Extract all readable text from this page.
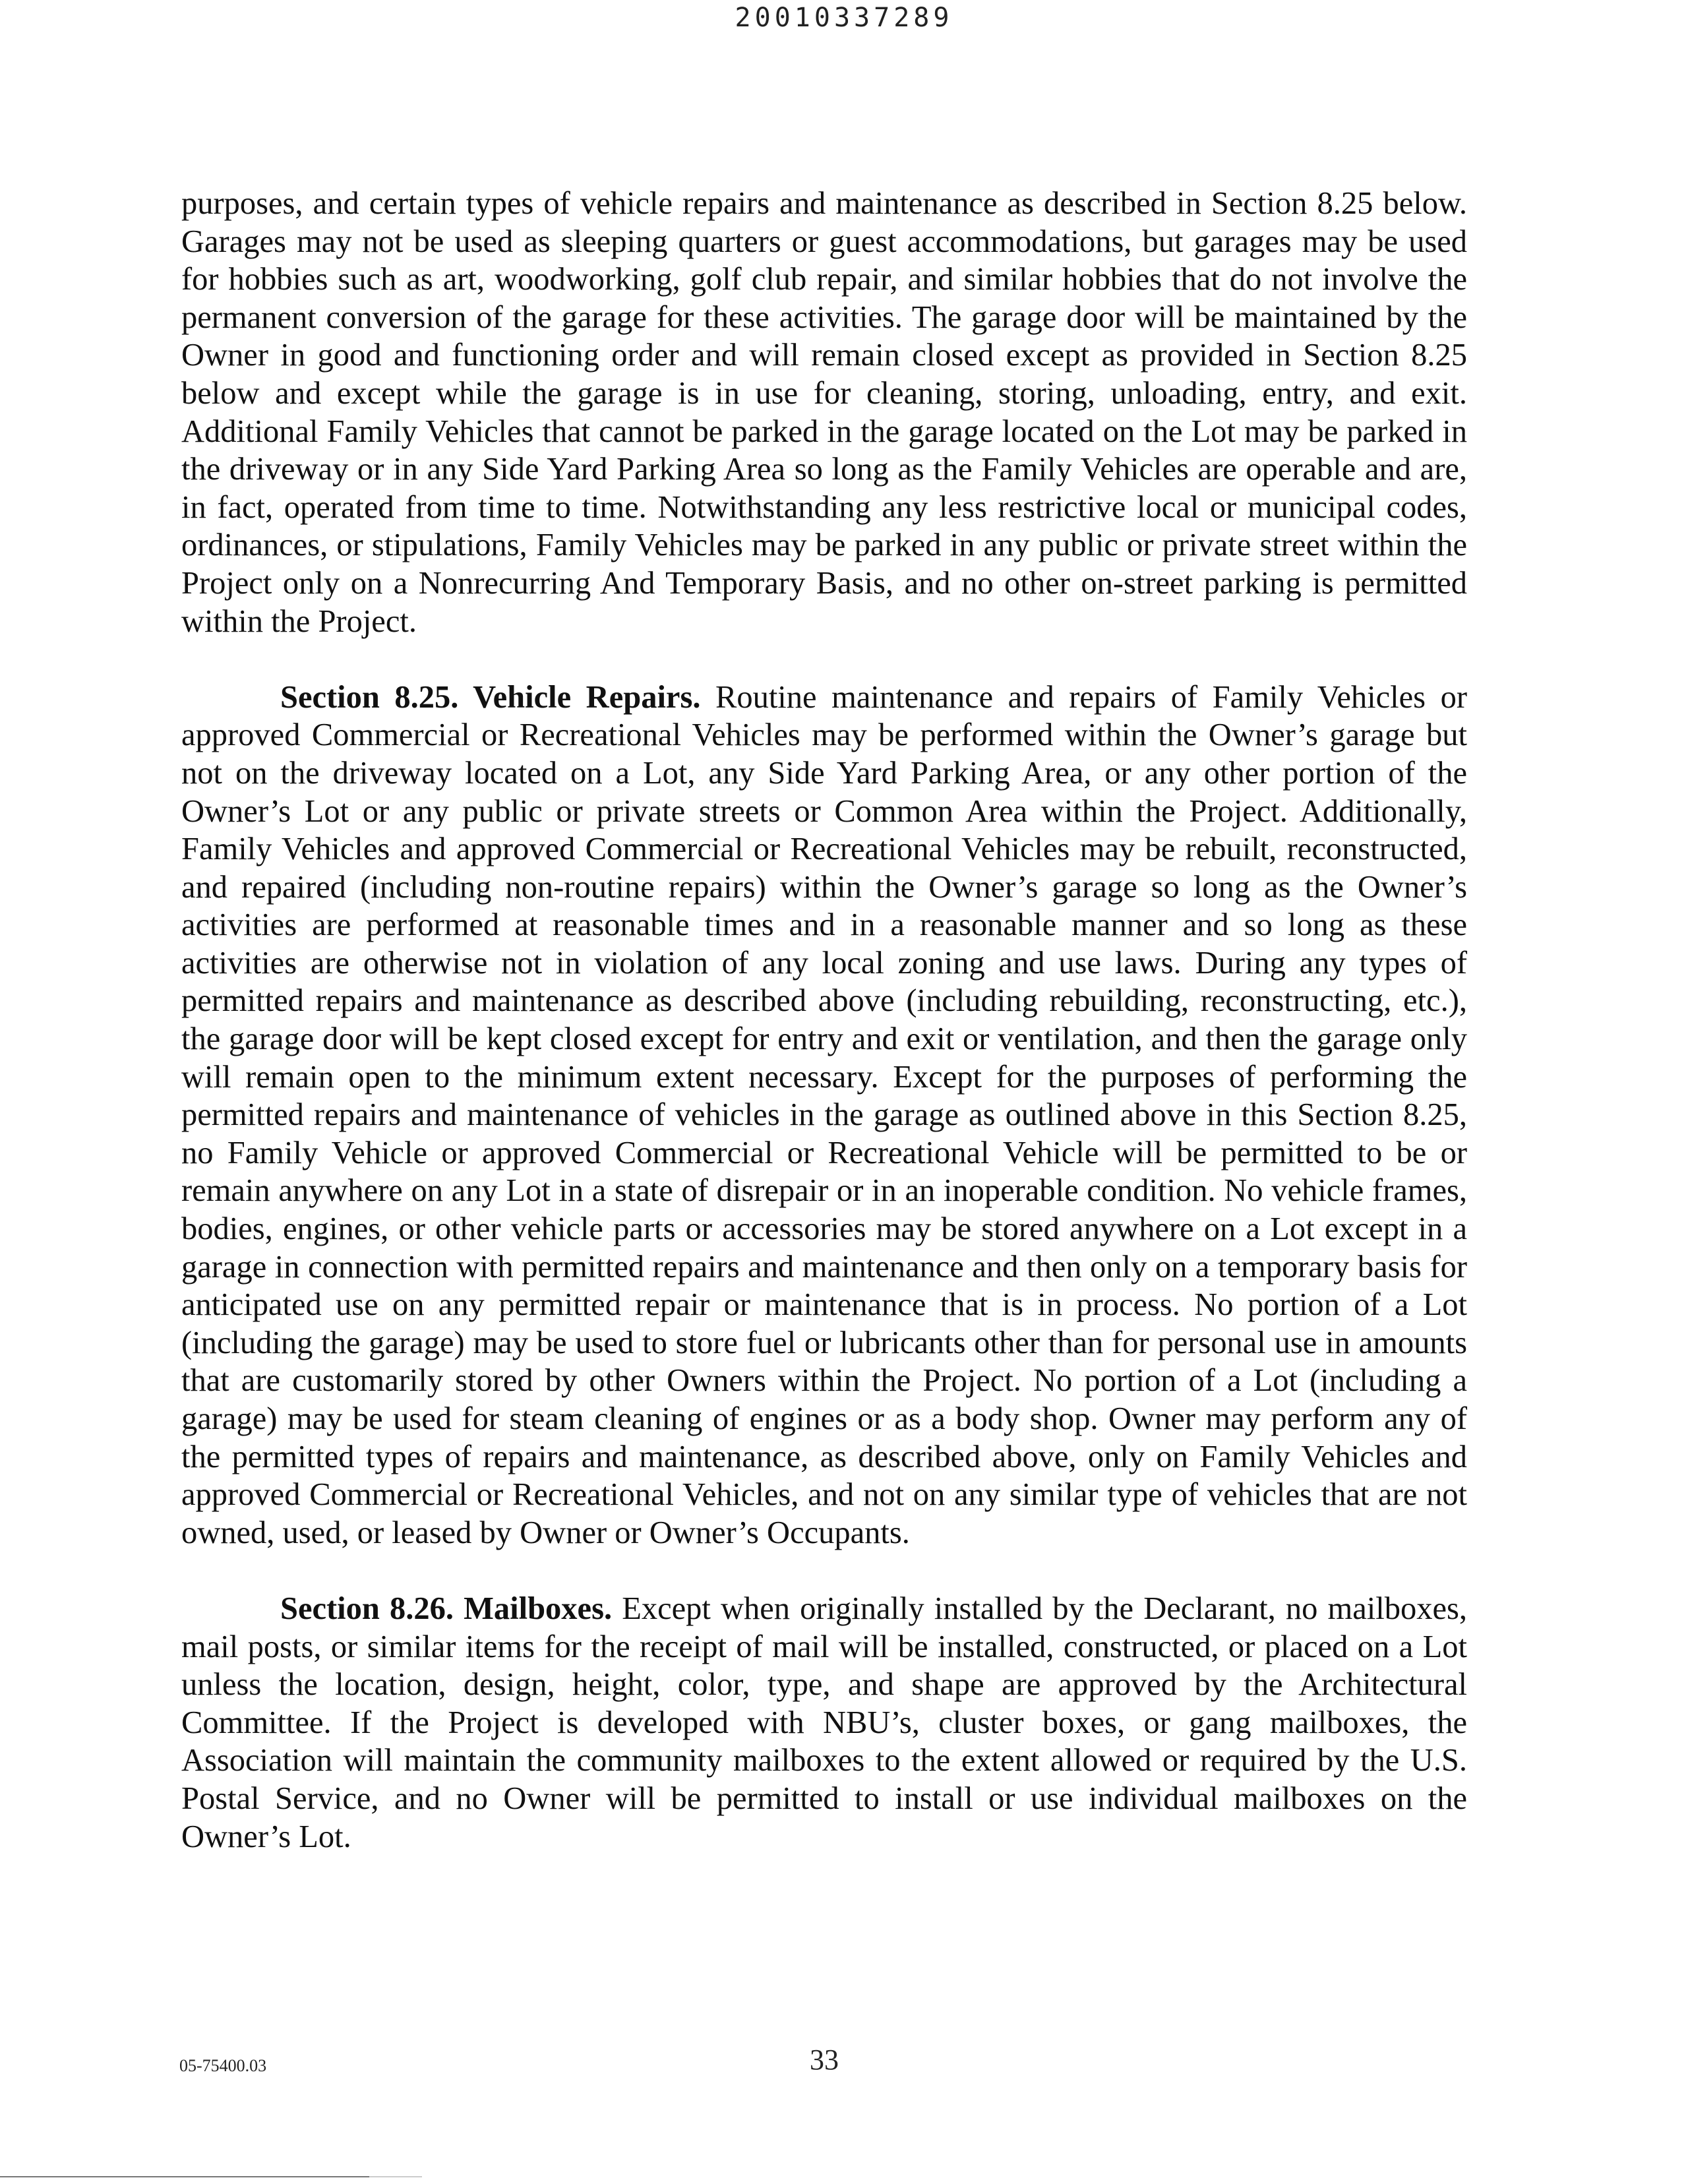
20010337289

purposes, and certain types of vehicle repairs and maintenance as described in Section 8.25 below. Garages may not be used as sleeping quarters or guest accommodations, but garages may be used for hobbies such as art, woodworking, golf club repair, and similar hobbies that do not involve the permanent conversion of the garage for these activities. The garage door will be maintained by the Owner in good and functioning order and will remain closed except as provided in Section 8.25 below and except while the garage is in use for cleaning, storing, unloading, entry, and exit. Additional Family Vehicles that cannot be parked in the garage located on the Lot may be parked in the driveway or in any Side Yard Parking Area so long as the Family Vehicles are operable and are, in fact, operated from time to time. Notwithstanding any less restrictive local or municipal codes, ordinances, or stipulations, Family Vehicles may be parked in any public or private street within the Project only on a Nonrecurring And Temporary Basis, and no other on-street parking is permitted within the Project.

Section 8.25. Vehicle Repairs. Routine maintenance and repairs of Family Vehicles or approved Commercial or Recreational Vehicles may be performed within the Owner’s garage but not on the driveway located on a Lot, any Side Yard Parking Area, or any other portion of the Owner’s Lot or any public or private streets or Common Area within the Project. Additionally, Family Vehicles and approved Commercial or Recreational Vehicles may be rebuilt, reconstructed, and repaired (including non-routine repairs) within the Owner’s garage so long as the Owner’s activities are performed at reasonable times and in a reasonable manner and so long as these activities are otherwise not in violation of any local zoning and use laws. During any types of permitted repairs and maintenance as described above (including rebuilding, reconstructing, etc.), the garage door will be kept closed except for entry and exit or ventilation, and then the garage only will remain open to the minimum extent necessary. Except for the purposes of performing the permitted repairs and maintenance of vehicles in the garage as outlined above in this Section 8.25, no Family Vehicle or approved Commercial or Recreational Vehicle will be permitted to be or remain anywhere on any Lot in a state of disrepair or in an inoperable condition. No vehicle frames, bodies, engines, or other vehicle parts or accessories may be stored anywhere on a Lot except in a garage in connection with permitted repairs and maintenance and then only on a temporary basis for anticipated use on any permitted repair or maintenance that is in process. No portion of a Lot (including the garage) may be used to store fuel or lubricants other than for personal use in amounts that are customarily stored by other Owners within the Project. No portion of a Lot (including a garage) may be used for steam cleaning of engines or as a body shop. Owner may perform any of the permitted types of repairs and maintenance, as described above, only on Family Vehicles and approved Commercial or Recreational Vehicles, and not on any similar type of vehicles that are not owned, used, or leased by Owner or Owner’s Occupants.

Section 8.26. Mailboxes. Except when originally installed by the Declarant, no mailboxes, mail posts, or similar items for the receipt of mail will be installed, constructed, or placed on a Lot unless the location, design, height, color, type, and shape are approved by the Architectural Committee. If the Project is developed with NBU’s, cluster boxes, or gang mailboxes, the Association will maintain the community mailboxes to the extent allowed or required by the U.S. Postal Service, and no Owner will be permitted to install or use individual mailboxes on the Owner’s Lot.

05-75400.03	33
